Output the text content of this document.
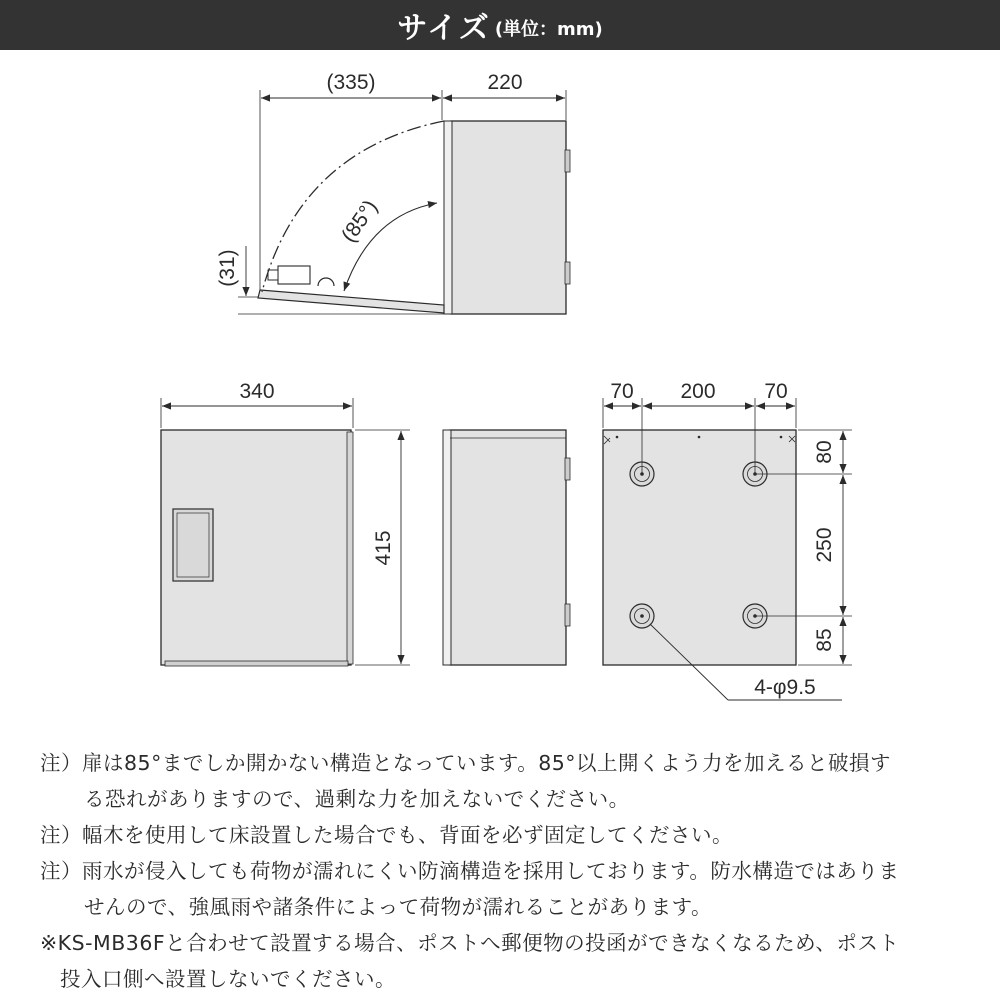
サイズ (単位：mm)
(85°)
(335)	220
(31)
340
415
70 200 70
80
250
85
4-φ9.5
注）扉は85°までしか開かない構造となっています。85°以上開くよう力を加えると破損す
る恐れがありますので、過剰な力を加えないでください。
注）幅木を使用して床設置した場合でも、背面を必ず固定してください。
注）雨水が侵入しても荷物が濡れにくい防滴構造を採用しております。防水構造ではありま
せんので、強風雨や諸条件によって荷物が濡れることがあります。
※KS-MB36Fと合わせて設置する場合、ポストへ郵便物の投函ができなくなるため、ポスト
投入口側へ設置しないでください。
